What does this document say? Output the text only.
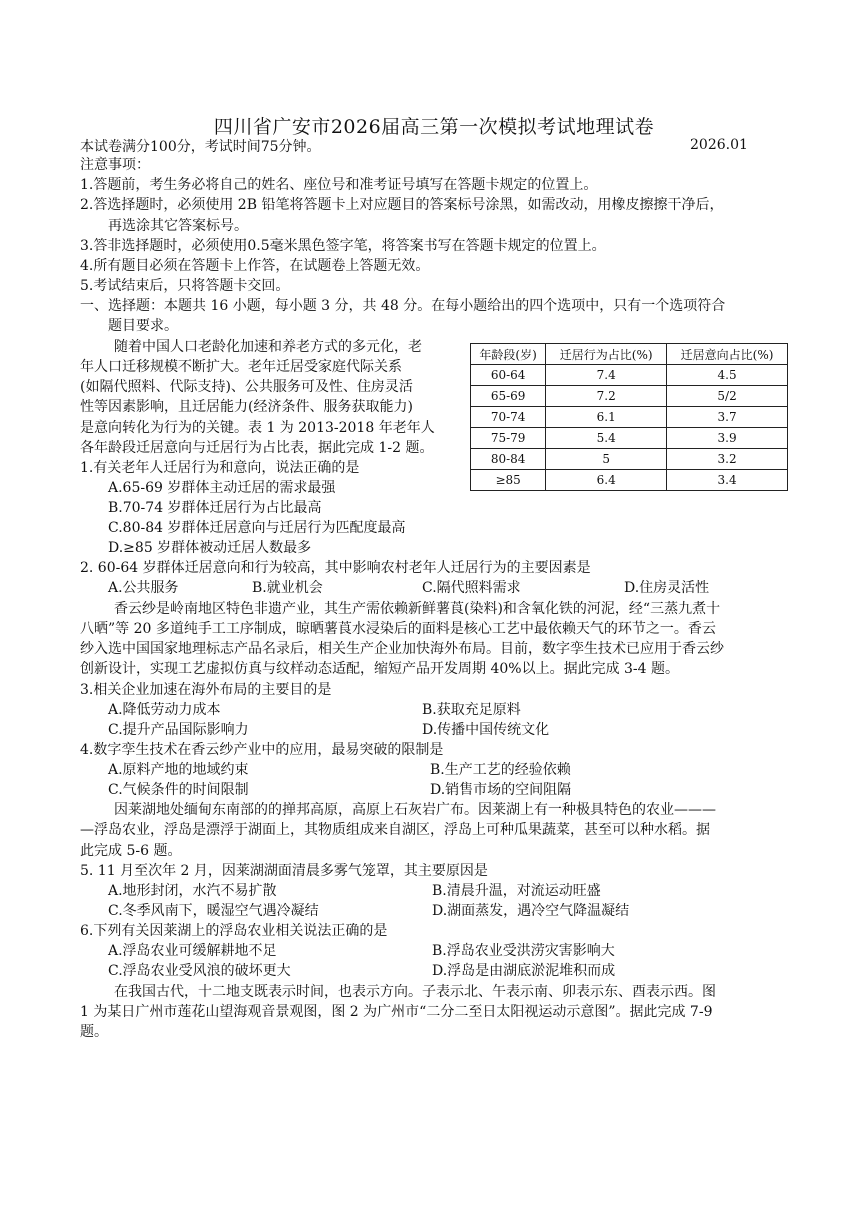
四川省广安市2026届高三第一次模拟考试地理试卷
本试卷满分100分，考试时间75分钟。	2026.01
注意事项：
1.答题前，考生务必将自己的姓名、座位号和准考证号填写在答题卡规定的位置上。
2.答选择题时，必须使用 2B 铅笔将答题卡上对应题目的答案标号涂黑，如需改动，用橡皮擦擦干净后，
再选涂其它答案标号。
3.答非选择题时，必须使用0.5毫米黑色签字笔，将答案书写在答题卡规定的位置上。
4.所有题目必须在答题卡上作答，在试题卷上答题无效。
5.考试结束后，只将答题卡交回。
一、选择题：本题共 16 小题，每小题 3 分，共 48 分。在每小题给出的四个选项中，只有一个选项符合
题目要求。
随着中国人口老龄化加速和养老方式的多元化，老
年人口迁移规模不断扩大。老年迁居受家庭代际关系
(如隔代照料、代际支持)、公共服务可及性、住房灵活
性等因素影响，且迁居能力(经济条件、服务获取能力)
是意向转化为行为的关键。表 1 为 2013-2018 年老年人
各年龄段迁居意向与迁居行为占比表，据此完成 1-2 题。
年龄段(岁)	迁居行为占比(%)	迁居意向占比(%)
60-64	7.4	4.5
65-69	7.2	5/2
70-74	6.1	3.7
75-79	5.4	3.9
80-84	5	3.2
≥85	6.4	3.4
1.有关老年人迁居行为和意向，说法正确的是
A.65-69 岁群体主动迁居的需求最强
B.70-74 岁群体迁居行为占比最高
C.80-84 岁群体迁居意向与迁居行为匹配度最高
D.≥85 岁群体被动迁居人数最多
2. 60-64 岁群体迁居意向和行为较高，其中影响农村老年人迁居行为的主要因素是
A.公共服务	B.就业机会	C.隔代照料需求	D.住房灵活性
香云纱是岭南地区特色非遗产业，其生产需依赖新鲜薯莨(染料)和含氧化铁的河泥，经“三蒸九煮十
八晒”等 20 多道纯手工工序制成，晾晒薯莨水浸染后的面料是核心工艺中最依赖天气的环节之一。香云
纱入选中国国家地理标志产品名录后，相关生产企业加快海外布局。目前，数字孪生技术已应用于香云纱
创新设计，实现工艺虚拟仿真与纹样动态适配，缩短产品开发周期 40%以上。据此完成 3-4 题。
3.相关企业加速在海外布局的主要目的是
A.降低劳动力成本	B.获取充足原料
C.提升产品国际影响力	D.传播中国传统文化
4.数字孪生技术在香云纱产业中的应用，最易突破的限制是
A.原料产地的地域约束	B.生产工艺的经验依赖
C.气候条件的时间限制	D.销售市场的空间阻隔
因莱湖地处缅甸东南部的的掸邦高原，高原上石灰岩广布。因莱湖上有一种极具特色的农业———
—浮岛农业，浮岛是漂浮于湖面上，其物质组成来自湖区，浮岛上可种瓜果蔬菜，甚至可以种水稻。据
此完成 5-6 题。
5. 11 月至次年 2 月，因莱湖湖面清晨多雾气笼罩，其主要原因是
A.地形封闭，水汽不易扩散	B.清晨升温，对流运动旺盛
C.冬季风南下，暖湿空气遇冷凝结	D.湖面蒸发，遇冷空气降温凝结
6.下列有关因莱湖上的浮岛农业相关说法正确的是
A.浮岛农业可缓解耕地不足	B.浮岛农业受洪涝灾害影响大
C.浮岛农业受风浪的破坏更大	D.浮岛是由湖底淤泥堆积而成
在我国古代，十二地支既表示时间，也表示方向。子表示北、午表示南、卯表示东、酉表示西。图
1 为某日广州市莲花山望海观音景观图，图 2 为广州市“二分二至日太阳视运动示意图”。据此完成 7-9
题。
